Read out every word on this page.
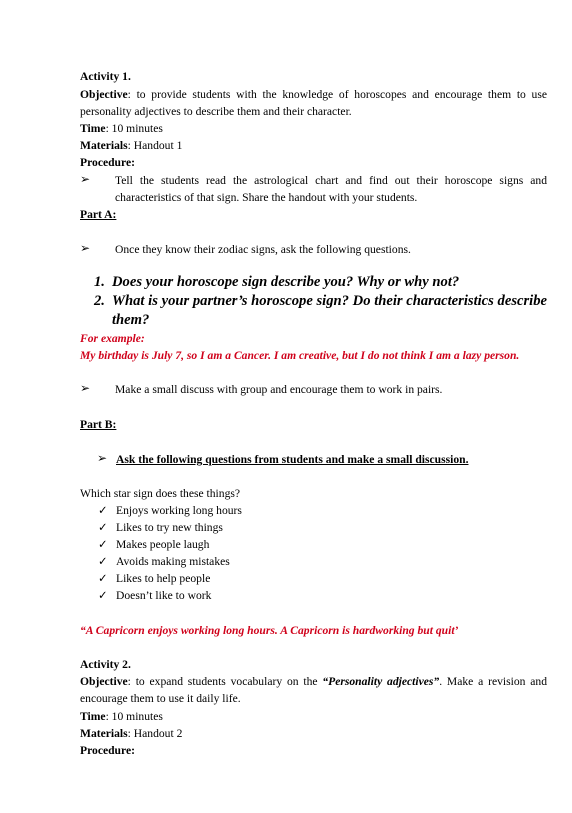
Activity 1.
Objective: to provide students with the knowledge of horoscopes and encourage them to use
personality adjectives to describe them and their character.
Time: 10 minutes
Materials: Handout 1
Procedure:
➢ Tell the students read the astrological chart and find out their horoscope signs and
characteristics of that sign. Share the handout with your students.
Part A:
➢ Once they know their zodiac signs, ask the following questions.
1. Does your horoscope sign describe you? Why or why not?
2. What is your partner’s horoscope sign? Do their characteristics describe
them?
For example:
My birthday is July 7, so I am a Cancer. I am creative, but I do not think I am a lazy person.
➢ Make a small discuss with group and encourage them to work in pairs.
Part B:
➢ Ask the following questions from students and make a small discussion.
Which star sign does these things?
✓ Enjoys working long hours
✓ Likes to try new things
✓ Makes people laugh
✓ Avoids making mistakes
✓ Likes to help people
✓ Doesn’t like to work
“A Capricorn enjoys working long hours. A Capricorn is hardworking but quit’
Activity 2.
Objective: to expand students vocabulary on the “Personality adjectives”. Make a revision and
encourage them to use it daily life.
Time: 10 minutes
Materials: Handout 2
Procedure:
